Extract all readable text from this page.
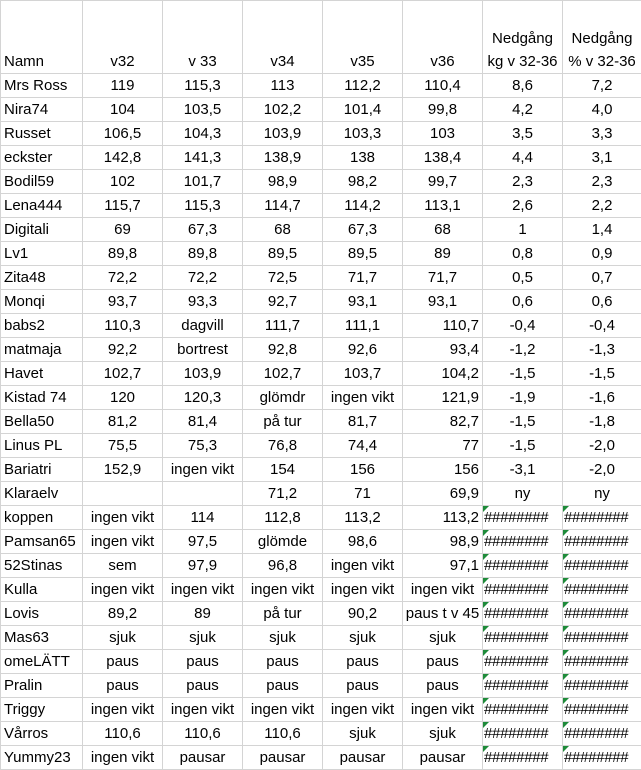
Namn	v32	v 33	v34	v35	v36	Nedgång kg v 32-36	Nedgång % v 32-36
Mrs Ross	119	115,3	113	112,2	110,4	8,6	7,2
Nira74	104	103,5	102,2	101,4	99,8	4,2	4,0
Russet	106,5	104,3	103,9	103,3	103	3,5	3,3
eckster	142,8	141,3	138,9	138	138,4	4,4	3,1
Bodil59	102	101,7	98,9	98,2	99,7	2,3	2,3
Lena444	115,7	115,3	114,7	114,2	113,1	2,6	2,2
Digitali	69	67,3	68	67,3	68	1	1,4
Lv1	89,8	89,8	89,5	89,5	89	0,8	0,9
Zita48	72,2	72,2	72,5	71,7	71,7	0,5	0,7
Monqi	93,7	93,3	92,7	93,1	93,1	0,6	0,6
babs2	110,3	dagvill	111,7	111,1	110,7	-0,4	-0,4
matmaja	92,2	bortrest	92,8	92,6	93,4	-1,2	-1,3
Havet	102,7	103,9	102,7	103,7	104,2	-1,5	-1,5
Kistad 74	120	120,3	glömdr	ingen vikt	121,9	-1,9	-1,6
Bella50	81,2	81,4	på tur	81,7	82,7	-1,5	-1,8
Linus PL	75,5	75,3	76,8	74,4	77	-1,5	-2,0
Bariatri	152,9	ingen vikt	154	156	156	-3,1	-2,0
Klaraelv			71,2	71	69,9	ny	ny
koppen	ingen vikt	114	112,8	113,2	113,2	########	########
Pamsan65	ingen vikt	97,5	glömde	98,6	98,9	########	########
52Stinas	sem	97,9	96,8	ingen vikt	97,1	########	########
Kulla	ingen vikt	ingen vikt	ingen vikt	ingen vikt	ingen vikt	########	########
Lovis	89,2	89	på tur	90,2	paus t v 45	########	########
Mas63	sjuk	sjuk	sjuk	sjuk	sjuk	########	########
omeLÄTT	paus	paus	paus	paus	paus	########	########
Pralin	paus	paus	paus	paus	paus	########	########
Triggy	ingen vikt	ingen vikt	ingen vikt	ingen vikt	ingen vikt	########	########
Vårros	110,6	110,6	110,6	sjuk	sjuk	########	########
Yummy23	ingen vikt	pausar	pausar	pausar	pausar	########	########
